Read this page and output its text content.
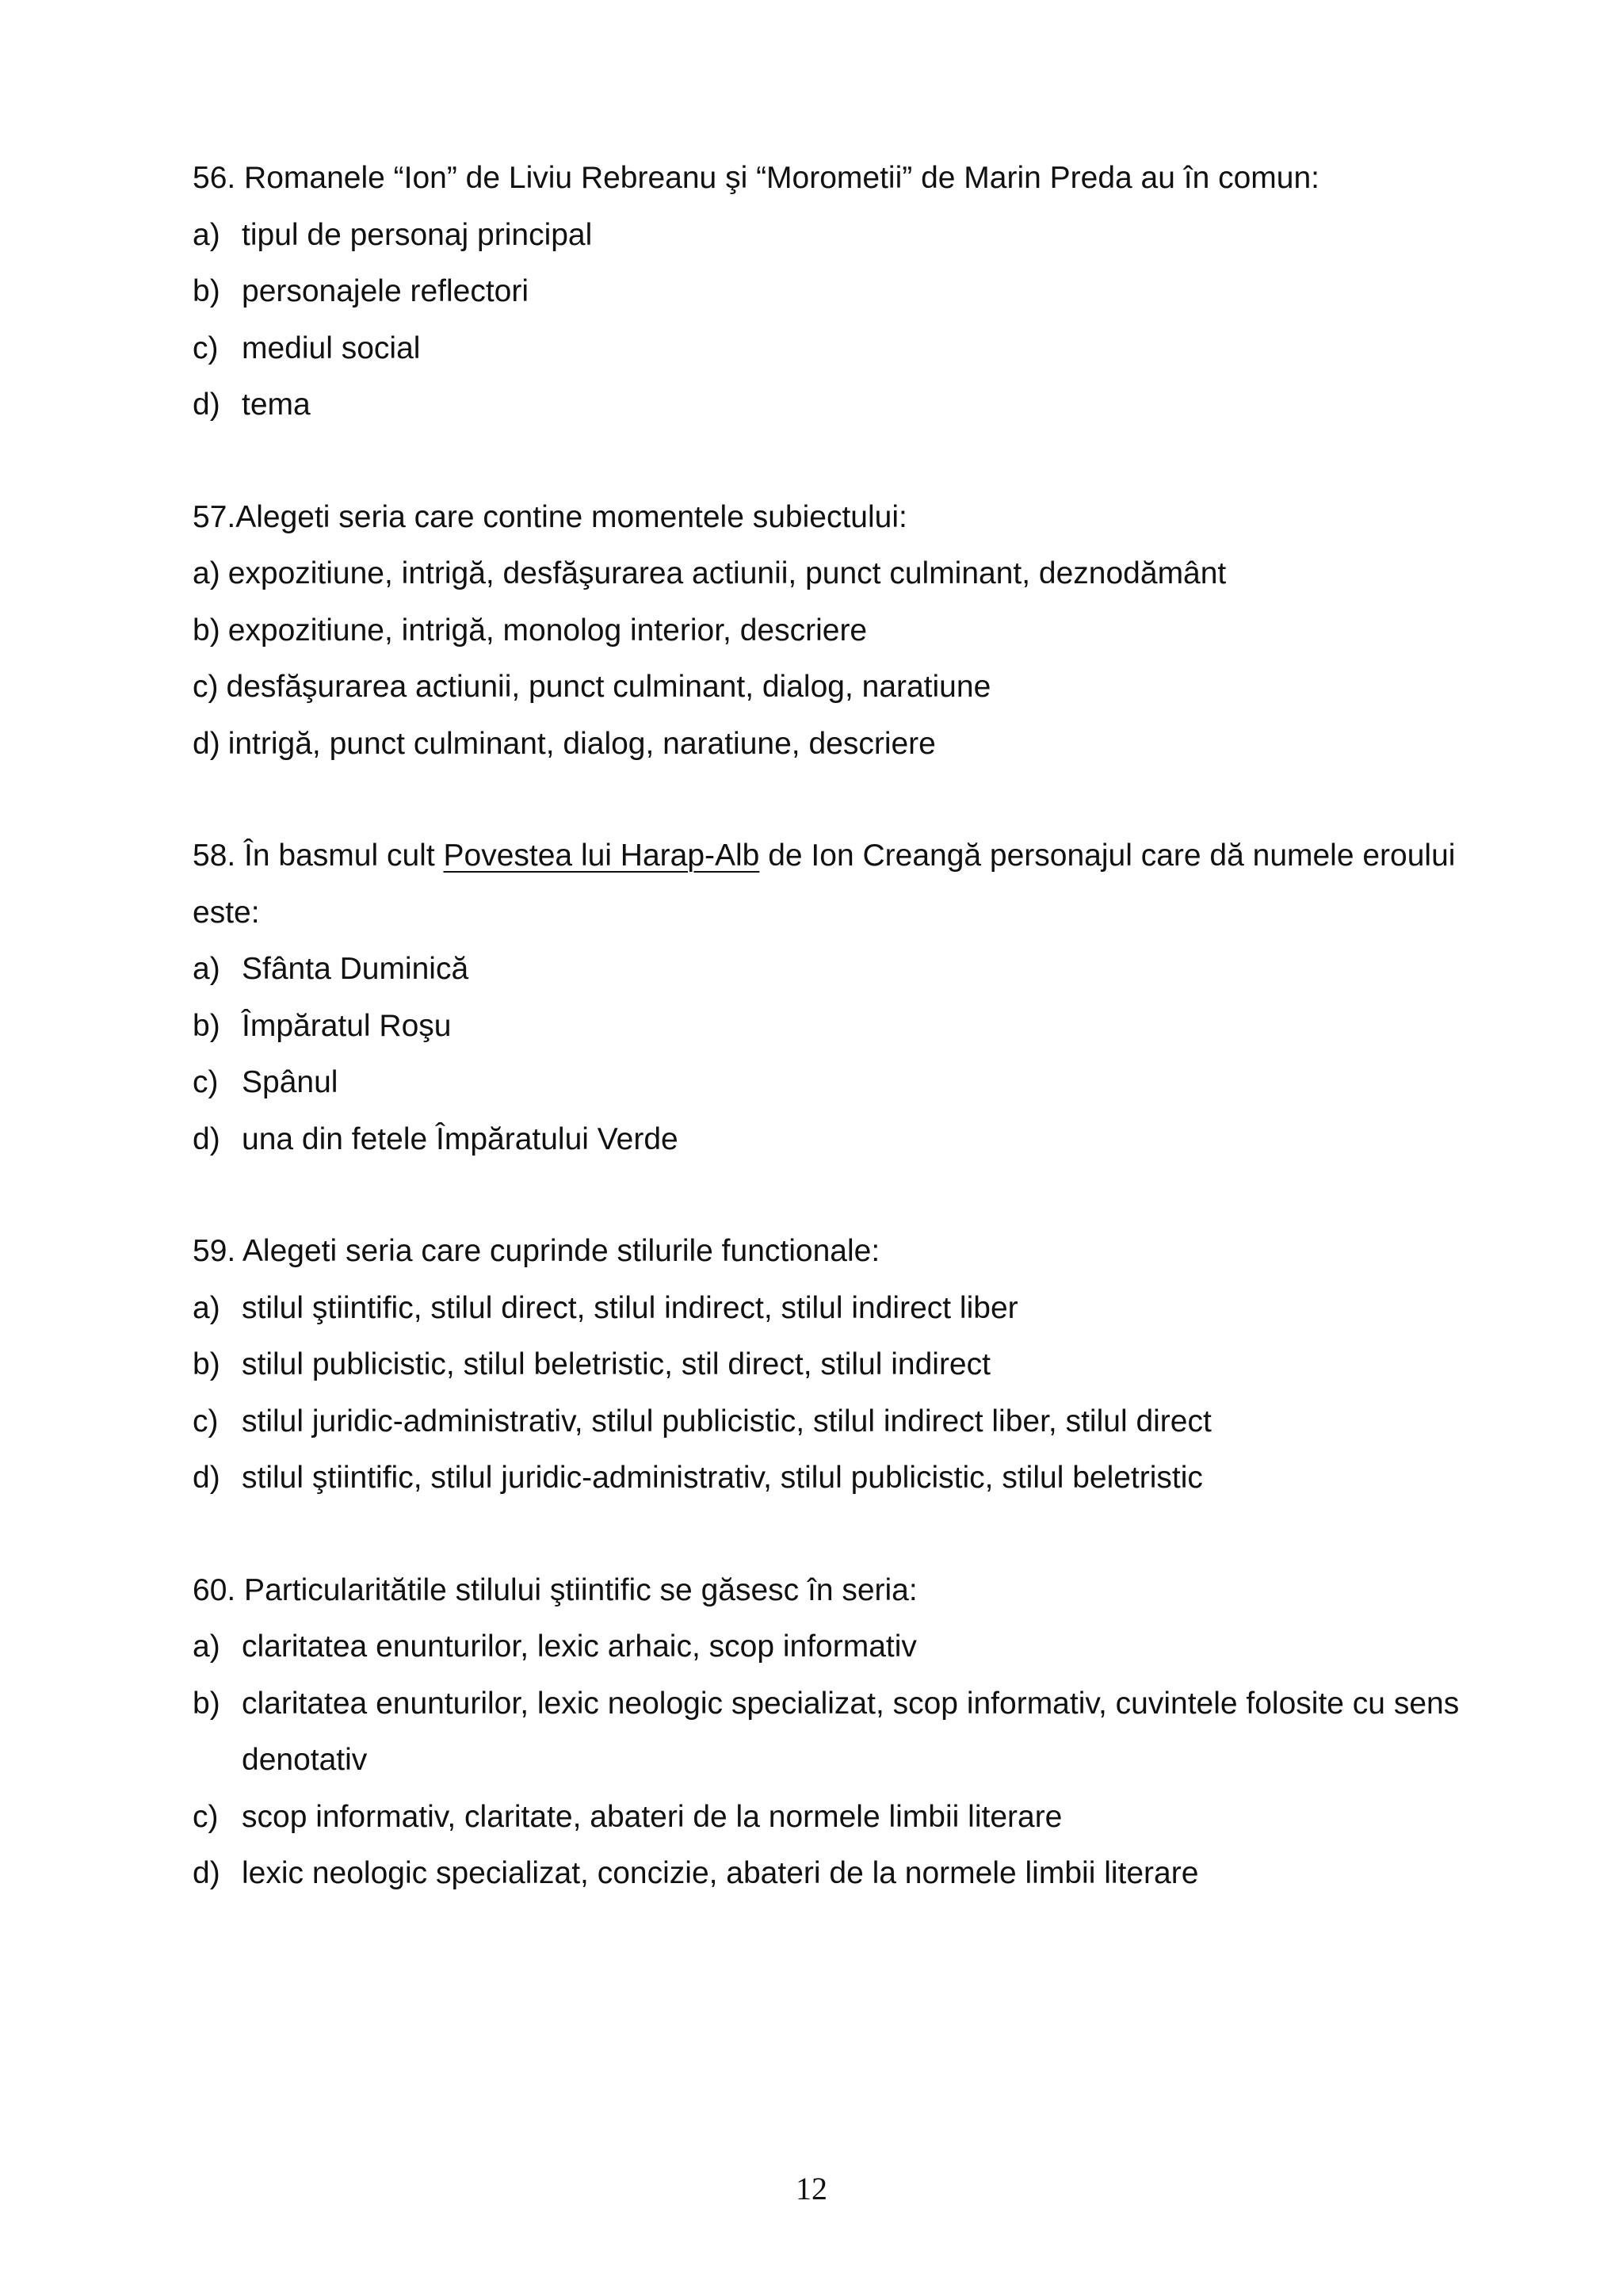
56. Romanele “Ion” de Liviu Rebreanu şi “Morometii” de Marin Preda au în comun:
a) tipul de personaj principal
b) personajele reflectori
c) mediul social
d) tema
57.Alegeti seria care contine momentele subiectului:
a) expozitiune, intrigă, desfăşurarea actiunii, punct culminant, deznodământ
b) expozitiune, intrigă, monolog interior, descriere
c) desfăşurarea actiunii, punct culminant, dialog, naratiune
d) intrigă, punct culminant, dialog, naratiune, descriere
58. În basmul cult Povestea lui Harap-Alb de Ion Creangă personajul care dă numele eroului este:
a) Sfânta Duminică
b) Împăratul Roşu
c) Spânul
d) una din fetele Împăratului Verde
59. Alegeti seria care cuprinde stilurile functionale:
a) stilul ştiintific, stilul direct, stilul indirect, stilul indirect liber
b) stilul publicistic, stilul beletristic, stil direct, stilul indirect
c) stilul juridic-administrativ, stilul publicistic, stilul indirect liber, stilul direct
d) stilul ştiintific, stilul juridic-administrativ, stilul publicistic, stilul beletristic
60. Particularitătile stilului ştiintific se găsesc în seria:
a) claritatea enunturilor, lexic arhaic, scop informativ
b) claritatea enunturilor, lexic neologic specializat, scop informativ, cuvintele folosite cu sens denotativ
c) scop informativ, claritate, abateri de la normele limbii literare
d) lexic neologic specializat, concizie, abateri de la normele limbii literare
12
